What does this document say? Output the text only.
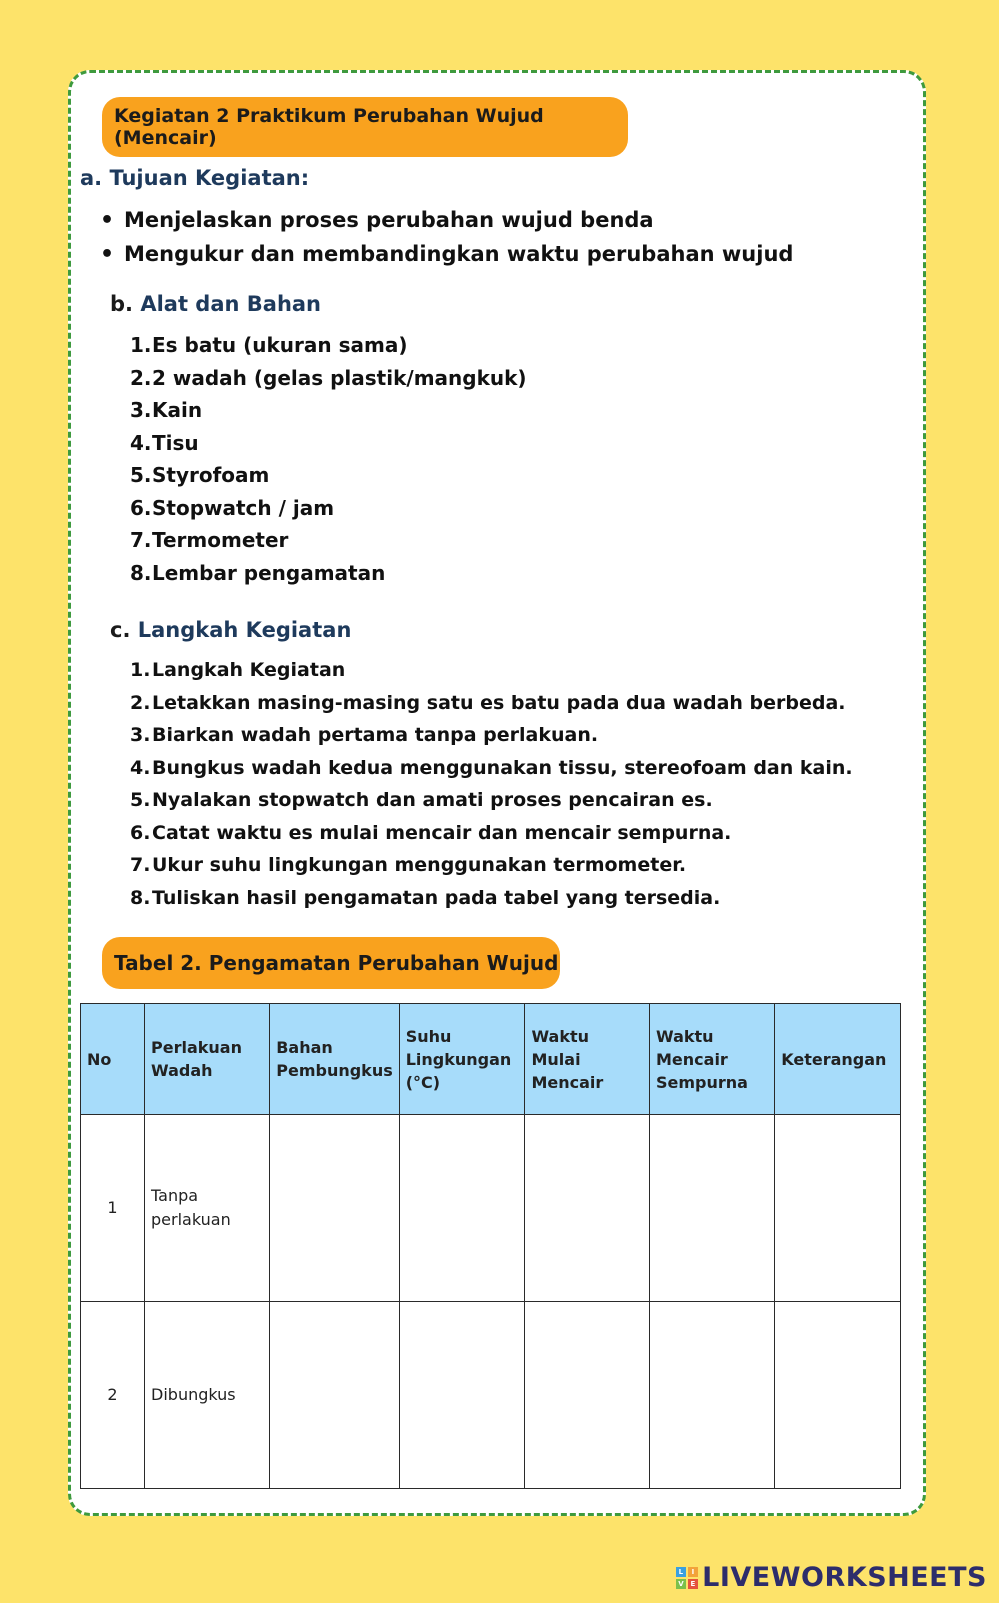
Kegiatan 2 Praktikum Perubahan Wujud (Mencair)
a. Tujuan Kegiatan:
• Menjelaskan proses perubahan wujud benda
• Mengukur dan membandingkan waktu perubahan wujud
b. Alat dan Bahan
1.Es batu (ukuran sama)
2.2 wadah (gelas plastik/mangkuk)
3.Kain
4.Tisu
5.Styrofoam
6.Stopwatch / jam
7.Termometer
8.Lembar pengamatan
c. Langkah Kegiatan
1.Langkah Kegiatan
2.Letakkan masing-masing satu es batu pada dua wadah berbeda.
3.Biarkan wadah pertama tanpa perlakuan.
4.Bungkus wadah kedua menggunakan tissu, stereofoam dan kain.
5.Nyalakan stopwatch dan amati proses pencairan es.
6.Catat waktu es mulai mencair dan mencair sempurna.
7.Ukur suhu lingkungan menggunakan termometer.
8.Tuliskan hasil pengamatan pada tabel yang tersedia.
Tabel 2. Pengamatan Perubahan Wujud
No	Perlakuan Wadah	Bahan Pembungkus	Suhu Lingkungan (°C)	Waktu Mulai Mencair	Waktu Mencair Sempurna	Keterangan
1	Tanpa perlakuan					
2	Dibungkus					
L	I
V E LIVEWORKSHEETS
